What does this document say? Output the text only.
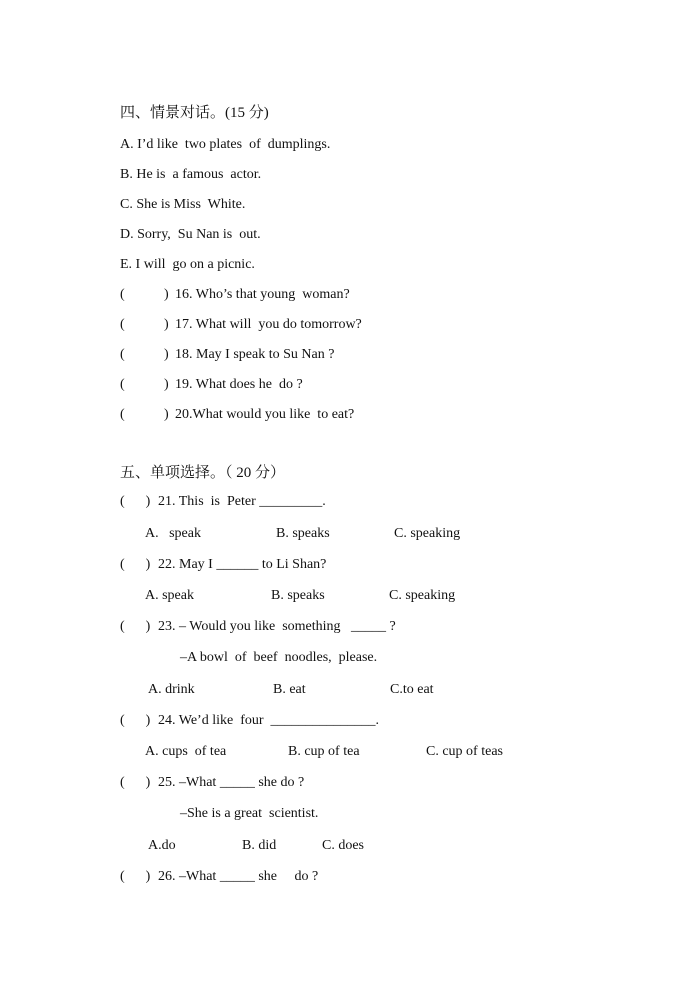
四、情景对话。(15 分)
A. I’d like  two plates  of  dumplings.
B. He is  a famous  actor.
C. She is Miss  White.
D. Sorry,  Su Nan is  out.
E. I will  go on a picnic.
(	) 16. Who’s that young  woman?
(	) 17. What will  you do tomorrow?
(	) 18. May I speak to Su Nan ?
(	) 19. What does he  do ?
(	) 20.What would you like  to eat?
五、单项选择。（ 20 分）
(      ) 21. This  is  Peter _________.
A.   speak	B. speaks	C. speaking
(      ) 22. May I ______ to Li Shan?
A. speak	B. speaks	C. speaking
(      ) 23. – Would you like  something   _____ ?
–A bowl  of  beef  noodles,  please.
A. drink	B. eat	C.to eat
(      ) 24. We’d like  four  _______________.
A. cups  of tea	B. cup of tea	C. cup of teas
(      ) 25. –What _____ she do ?
–She is a great  scientist.
A.do	B. did	C. does
(      ) 26. –What _____ she     do ?
